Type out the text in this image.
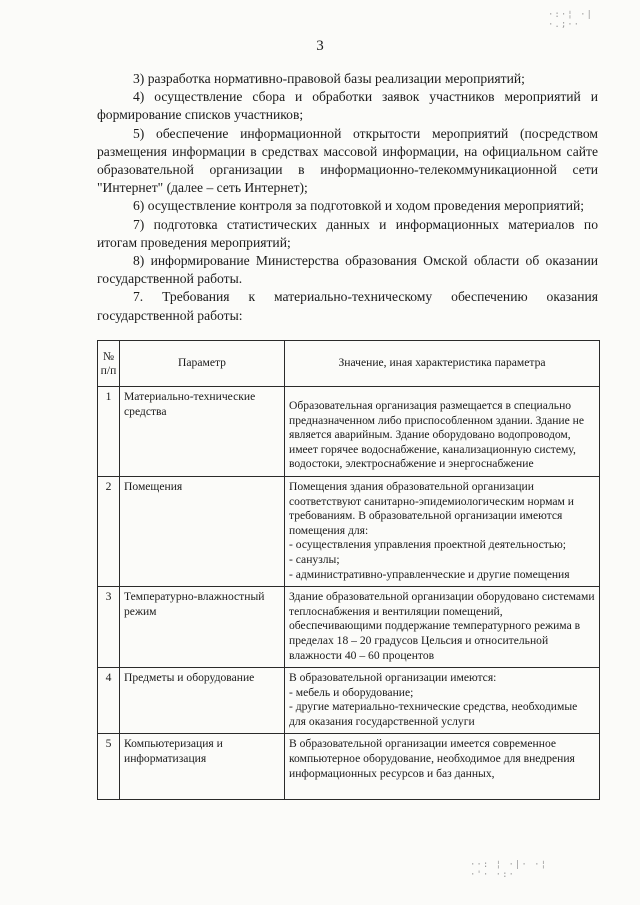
·:·¦ ·|
·.;··
··: ¦ ·|· ·¦
·'· ·:·
3

3) разработка нормативно-правовой базы реализации мероприятий;

4) осуществление сбора и обработки заявок участников мероприятий и формирование списков участников;

5) обеспечение информационной открытости мероприятий (посредством размещения информации в средствах массовой информации, на официальном сайте образовательной организации в информационно-телекоммуникационной сети "Интернет" (далее – сеть Интернет);

6) осуществление контроля за подготовкой и ходом проведения мероприятий;

7) подготовка статистических данных и информационных материалов по итогам проведения мероприятий;

8) информирование Министерства образования Омской области об оказании государственной работы.

7. Требования к материально-техническому обеспечению оказания государственной работы:

№ п/п	Параметр	Значение, иная характеристика параметра
1	Материально-технические средства	Образовательная организация размещается в специально предназначенном либо приспособленном здании. Здание не является аварийным. Здание оборудовано водопроводом, имеет горячее водоснабжение, канализационную систему, водостоки, электроснабжение и энергоснабжение
2	Помещения	Помещения здания образовательной организации соответствуют санитарно-эпидемиологическим нормам и требованиям. В образовательной организации имеются помещения для:
- осуществления управления проектной деятельностью;
- санузлы;
- административно-управленческие и другие помещения
3	Температурно-влажностный режим	Здание образовательной организации оборудовано системами теплоснабжения и вентиляции помещений, обеспечивающими поддержание температурного режима в пределах 18 – 20 градусов Цельсия и относительной влажности 40 – 60 процентов
4	Предметы и оборудование	В образовательной организации имеются:
- мебель и оборудование;
- другие материально-технические средства, необходимые для оказания государственной услуги
5	Компьютеризация и информатизация	В образовательной организации имеется современное компьютерное оборудование, необходимое для внедрения информационных ресурсов и баз данных,
